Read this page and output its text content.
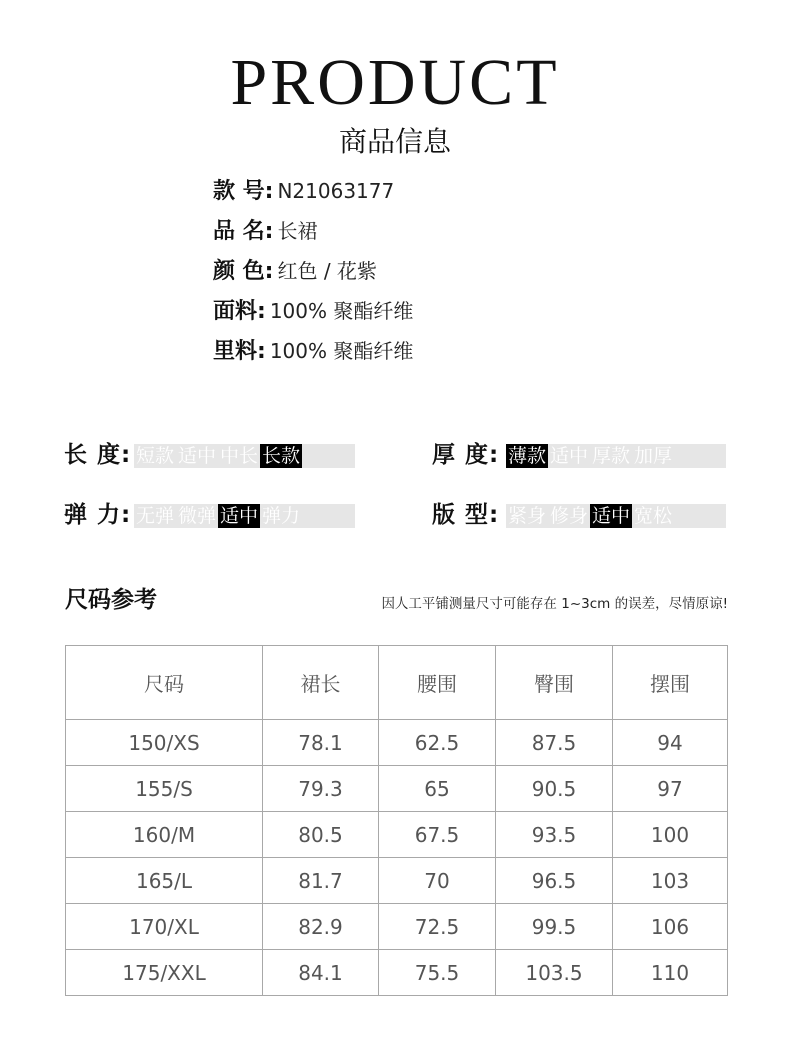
PRODUCT
商品信息
款 号: N21063177
品 名: 长裙
颜 色: 红色 / 花紫
面料: 100% 聚酯纤维
里料: 100% 聚酯纤维
长 度: 短款 适中 中长 长款	厚 度: 薄款 适中 厚款 加厚
弹 力: 无弹 微弹 适中 弹力	版 型: 紧身 修身 适中 宽松
尺码参考	因人工平铺测量尺寸可能存在 1~3cm 的误差，尽情原谅!
尺码	裙长	腰围	臀围	摆围
150/XS	78.1	62.5	87.5	94
155/S	79.3	65	90.5	97
160/M	80.5	67.5	93.5	100
165/L	81.7	70	96.5	103
170/XL	82.9	72.5	99.5	106
175/XXL	84.1	75.5	103.5	110
